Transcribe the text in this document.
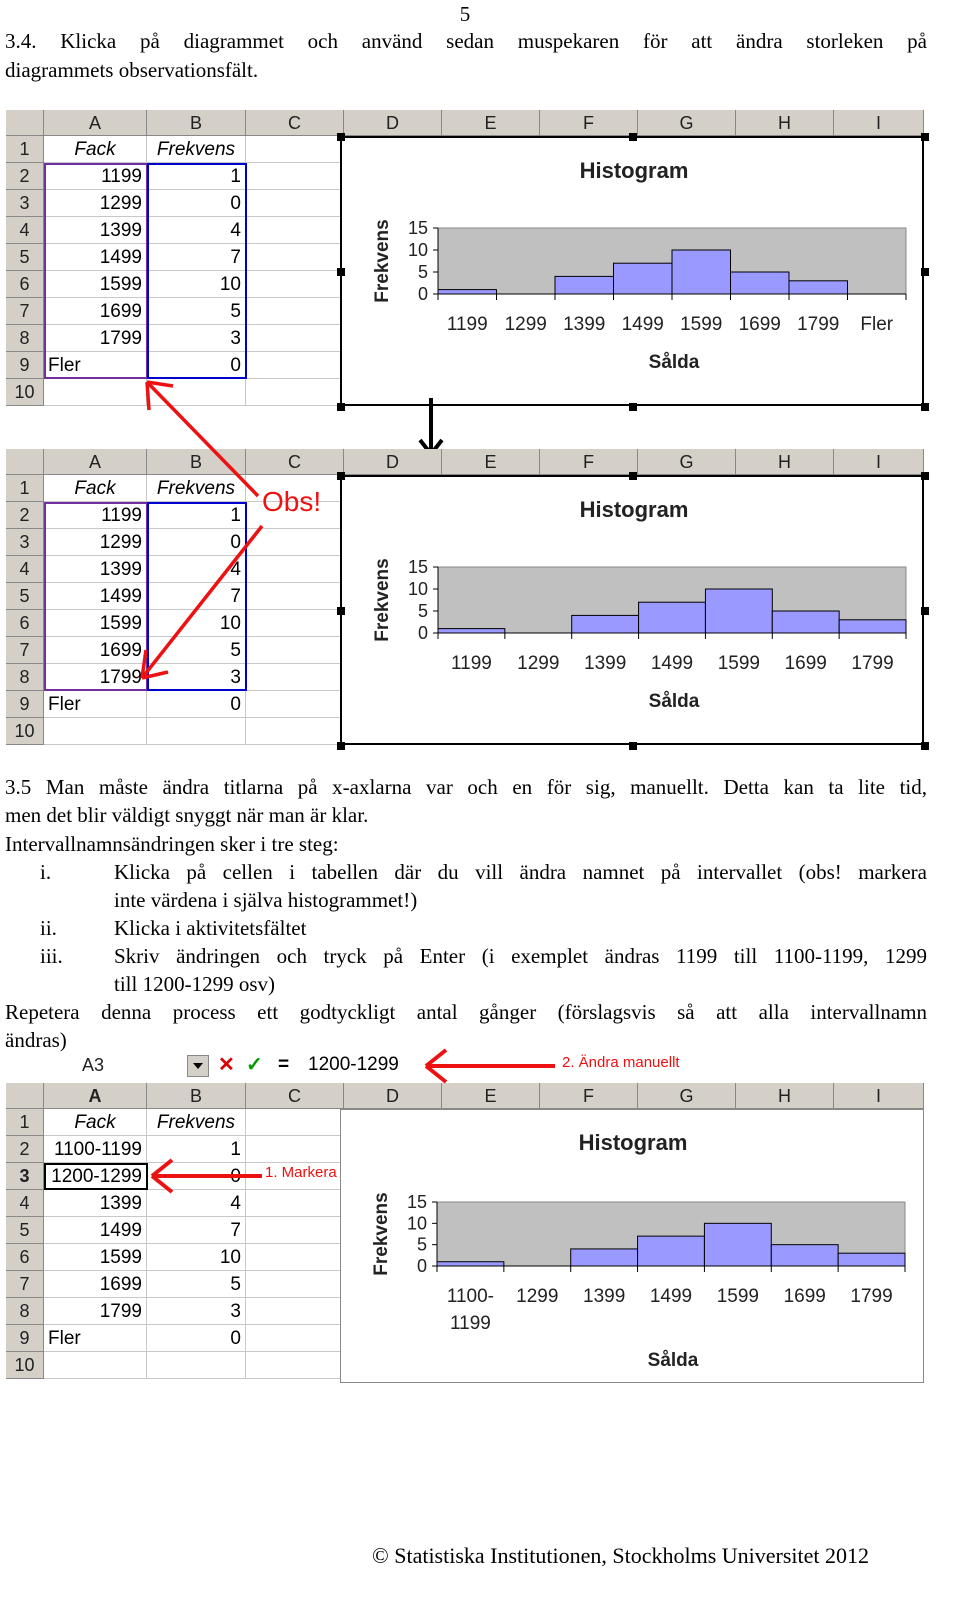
5
3.4. Klicka på diagrammet och använd sedan muspekaren för att ändra storleken på
diagrammets observationsfält.
A	B	C	D	E	F	G	H	I
1	Fack	Frekvens
2	1199	1
3	1299	0
4	1399	4
5	1499	7
6	1599	10
7	1699	5
8	1799	3
9 Fler	0
10
Histogram
15
10
5
0
Frekvens
1199 1299 1399 1499 1599 1699 1799 Fler
Sålda
A	B	C	D	E	F	G	H	I
1	Fack	Frekvens
2	1199	1
3	1299	0
4	1399	4
5	1499	7
6	1599	10
7	1699	5
8	1799	3
9 Fler	0
10
Histogram
15
10
5
0
Frekvens
1199 1299 1399 1499 1599 1699 1799
Sålda
3.5 Man måste ändra titlarna på x-axlarna var och en för sig, manuellt. Detta kan ta lite tid,
men det blir väldigt snyggt när man är klar.
Intervallnamnsändringen sker i tre steg:
i.	Klicka på cellen i tabellen där du vill ändra namnet på intervallet (obs! markera
inte värdena i själva histogrammet!)
ii.	Klicka i aktivitetsfältet
iii. Skriv ändringen och tryck på Enter (i exemplet ändras 1199 till 1100-1199, 1299
till 1200-1299 osv)
Repetera denna process ett godtyckligt antal gånger (förslagsvis så att alla intervallnamn
ändras)
A3	✕ ✓ = 1200-1299	2. Ändra manuellt
A	B	C	D	E	F	G	H	I
1	Fack	Frekvens
2	1100-1199	1
3	1200-1299	0
4	1399	4
5	1499	7
6	1599	10
7	1699	5
8	1799	3
9 Fler	0
10
Histogram
15
10
5
0
Frekvens
1100-
1199
1299 1399 1499 1599 1699 1799
Sålda
Obs!
1. Markera
© Statistiska Institutionen, Stockholms Universitet 2012
